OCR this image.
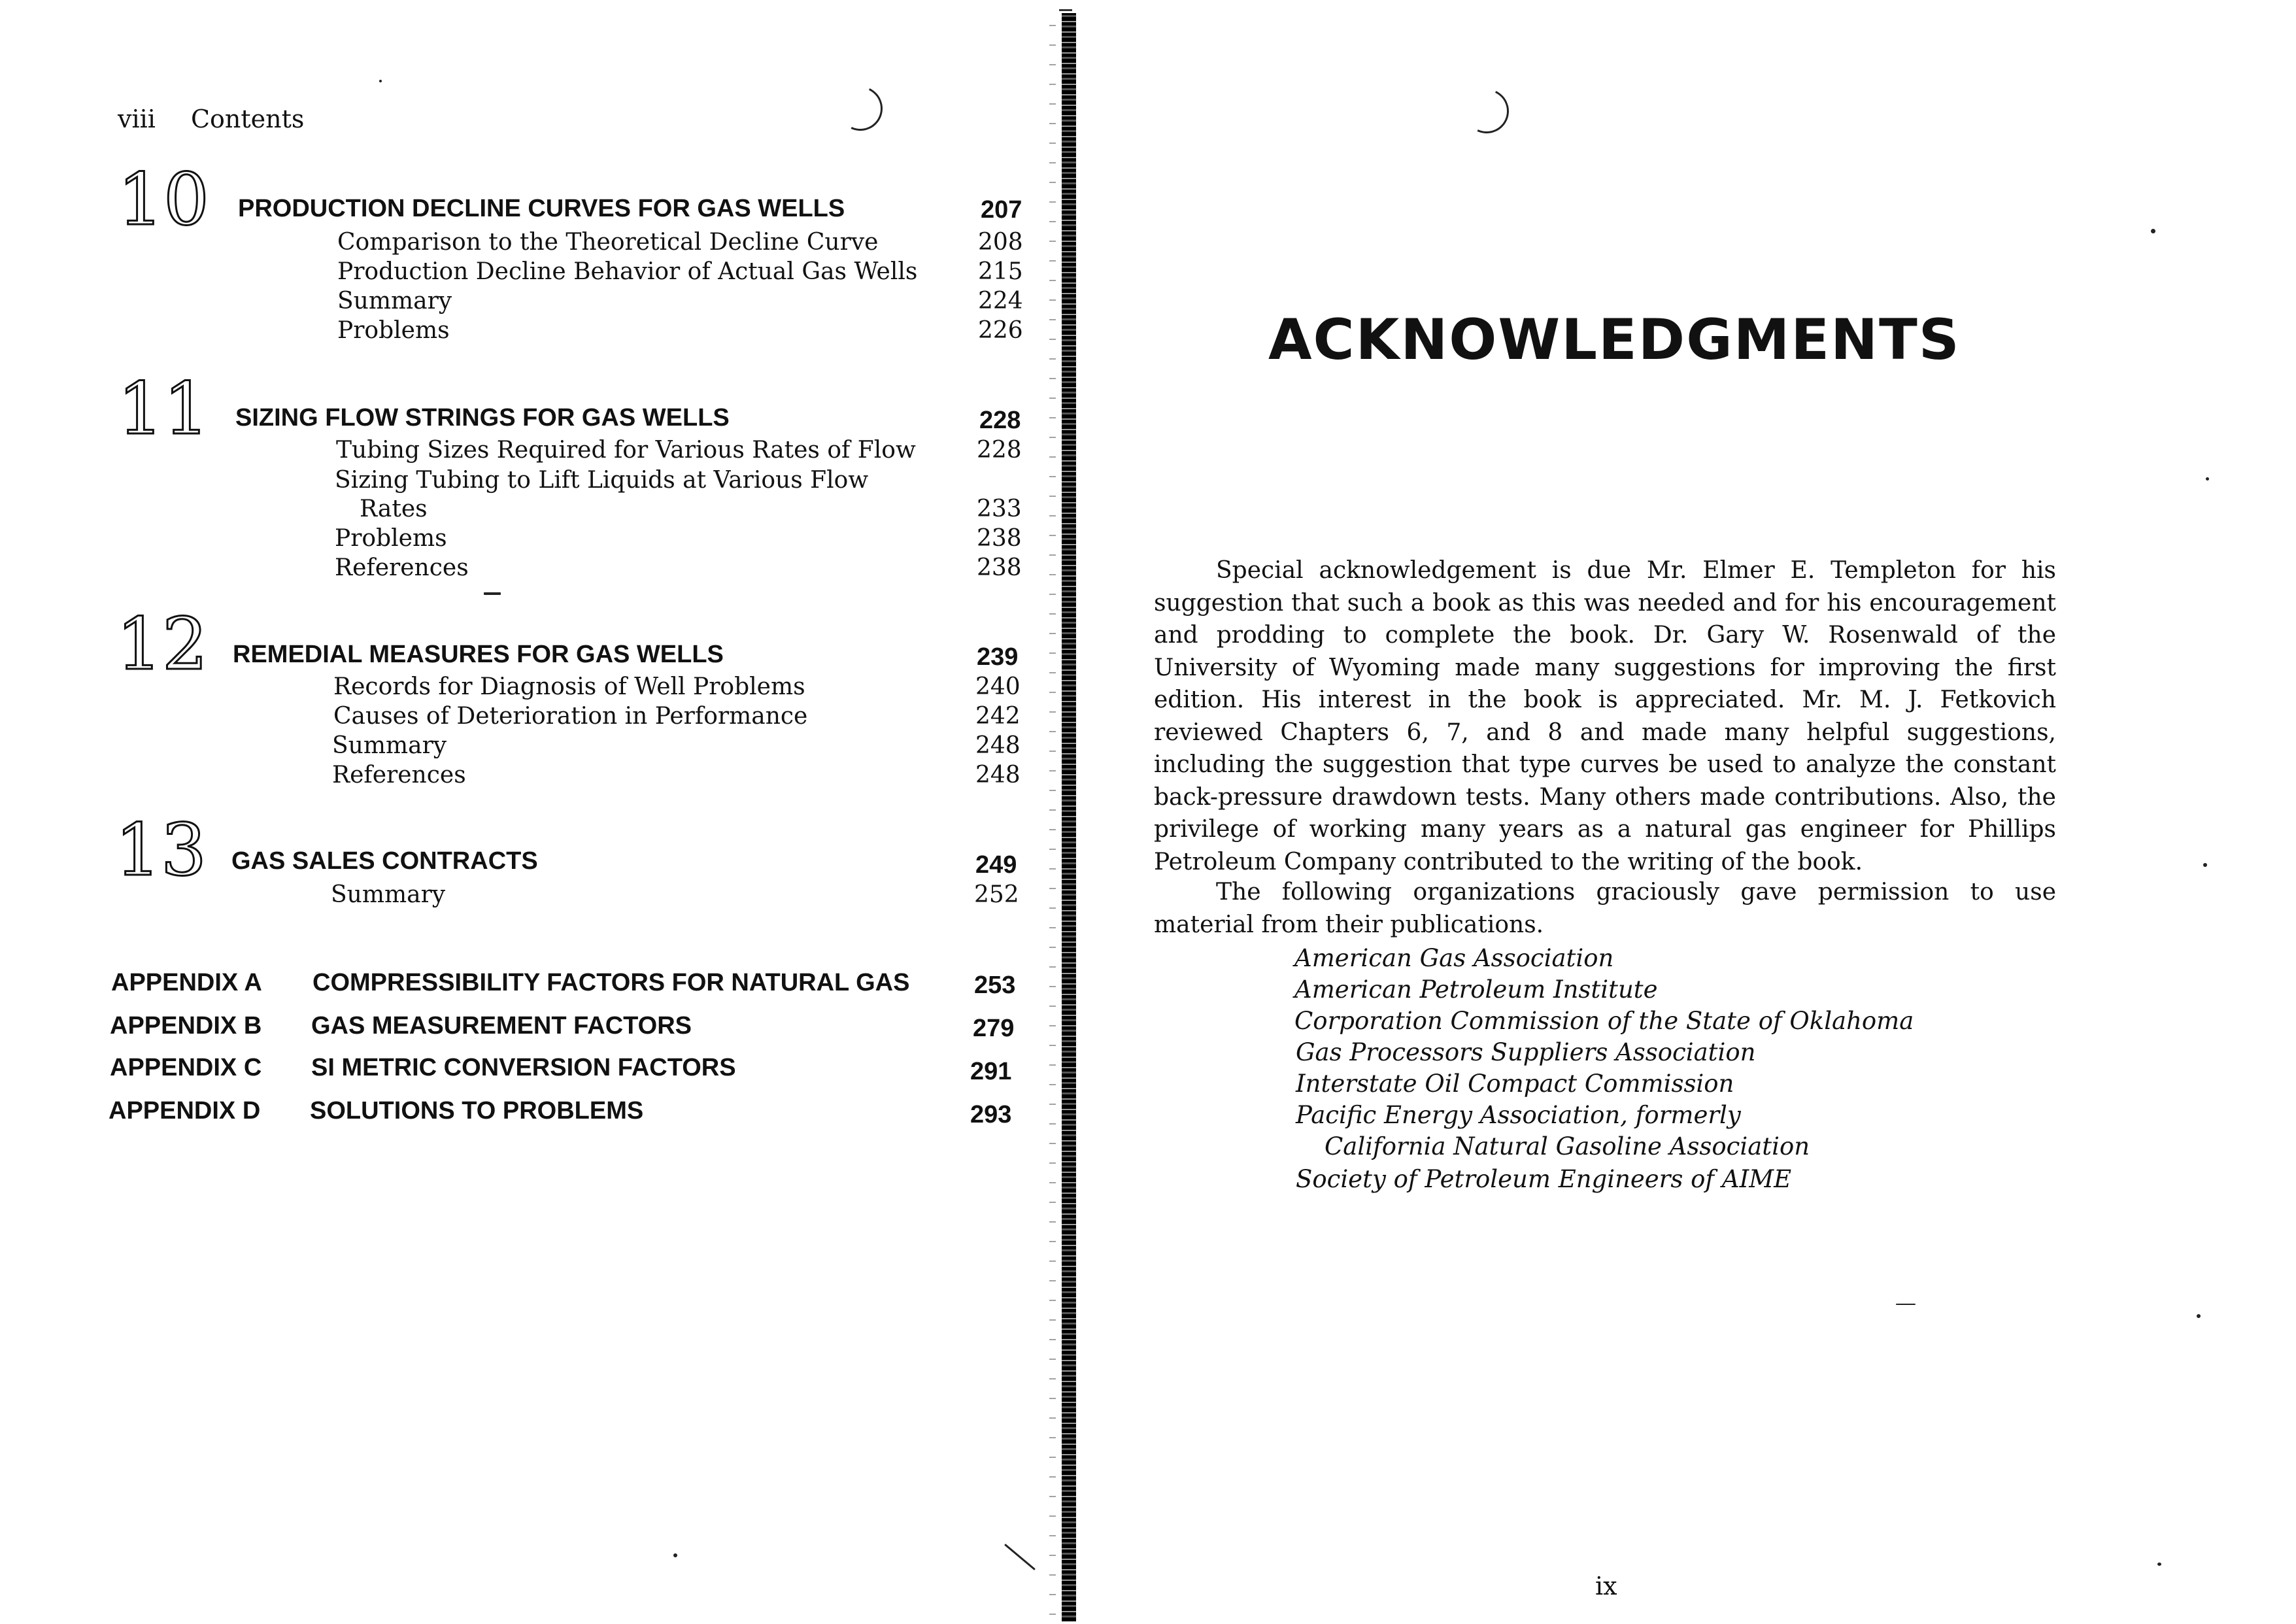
viii Contents
10 PRODUCTION DECLINE CURVES FOR GAS WELLS	207
Comparison to the Theoretical Decline Curve	208
Production Decline Behavior of Actual Gas Wells	215
Summary	224
Problems	226
11 SIZING FLOW STRINGS FOR GAS WELLS	228
Tubing Sizes Required for Various Rates of Flow	228
Sizing Tubing to Lift Liquids at Various Flow
Rates	233
Problems	238
References	238
12 REMEDIAL MEASURES FOR GAS WELLS	239
Records for Diagnosis of Well Problems	240
Causes of Deterioration in Performance	242
Summary	248
References	248
13 GAS SALES CONTRACTS	249
Summary	252
APPENDIX A COMPRESSIBILITY FACTORS FOR NATURAL GAS	253
APPENDIX B GAS MEASUREMENT FACTORS	279
APPENDIX C SI METRIC CONVERSION FACTORS	291
APPENDIX D SOLUTIONS TO PROBLEMS	293
ACKNOWLEDGMENTS
Special acknowledgement is due Mr. Elmer E. Templeton for his suggestion that such a book as this was needed and for his encouragement and prodding to complete the book. Dr. Gary W. Rosenwald of the University of Wyoming made many suggestions for improving the first edition. His interest in the book is appreciated. Mr. M. J. Fetkovich reviewed Chapters 6, 7, and 8 and made many helpful suggestions, including the suggestion that type curves be used to analyze the constant back-pressure drawdown tests. Many others made contributions. Also, the privilege of working many years as a natural gas engineer for Phillips Petroleum Company contributed to the writing of the book.
The following organizations graciously gave permission to use material from their publications.
American Gas Association
American Petroleum Institute
Corporation Commission of the State of Oklahoma
Gas Processors Suppliers Association
Interstate Oil Compact Commission
Pacific Energy Association, formerly
California Natural Gasoline Association
Society of Petroleum Engineers of AIME
ix
